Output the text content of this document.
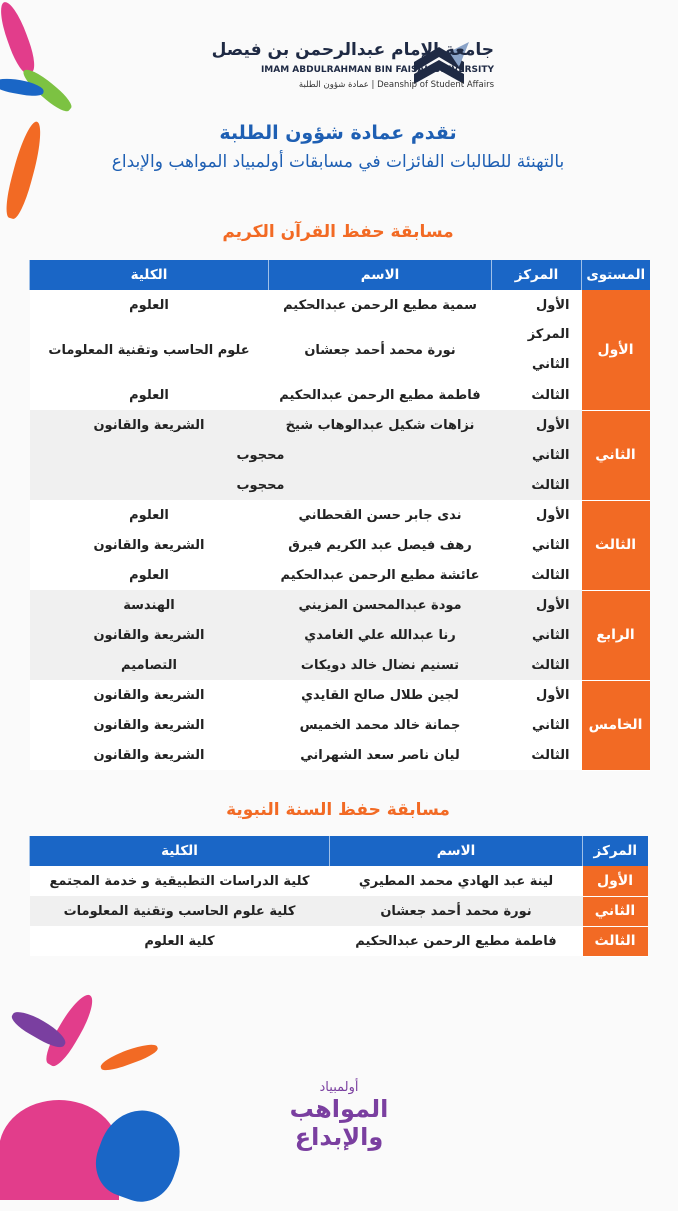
جامعة الإمام عبدالرحمن بن فيصل
IMAM ABDULRAHMAN BIN FAISAL UNIVERSITY
Deanship of Student Affairs | عمادة شؤون الطلبة
تقدم عمادة شؤون الطلبة
بالتهنئة للطالبات الفائزات في مسابقات أولمبياد المواهب والإبداع
مسابقة حفظ القرآن الكريم
المستوى	المركز	الاسم	الكلية
الأول	الأول	سمية مطيع الرحمن عبدالحكيم	العلوم
	المركز الثاني	نورة محمد أحمد جعشان	علوم الحاسب وتقنية المعلومات
	الثالث	فاطمة مطيع الرحمن عبدالحكيم	العلوم
الثاني	الأول	نزاهات شكيل عبدالوهاب شيخ	الشريعة والقانون
	الثاني	محجوب	
	الثالث	محجوب	
الثالث	الأول	ندى جابر حسن القحطاني	العلوم
	الثاني	رهف فيصل عبد الكريم فيرق	الشريعة والقانون
	الثالث	عائشة مطيع الرحمن عبدالحكيم	العلوم
الرابع	الأول	مودة عبدالمحسن المزيني	الهندسة
	الثاني	رنا عبدالله علي الغامدي	الشريعة والقانون
	الثالث	تسنيم نضال خالد دويكات	التصاميم
الخامس	الأول	لجين طلال صالح القايدي	الشريعة والقانون
	الثاني	جمانة خالد محمد الخميس	الشريعة والقانون
	الثالث	ليان ناصر سعد الشهراني	الشريعة والقانون
مسابقة حفظ السنة النبوية
المركز	الاسم	الكلية
الأول	لينة عبد الهادي محمد المطيري	كلية الدراسات التطبيقية و خدمة المجتمع
الثاني	نورة محمد أحمد جعشان	كلية علوم الحاسب وتقنية المعلومات
الثالث	فاطمة مطيع الرحمن عبدالحكيم	كلية العلوم
أولمبياد
المواهب والإبداع
